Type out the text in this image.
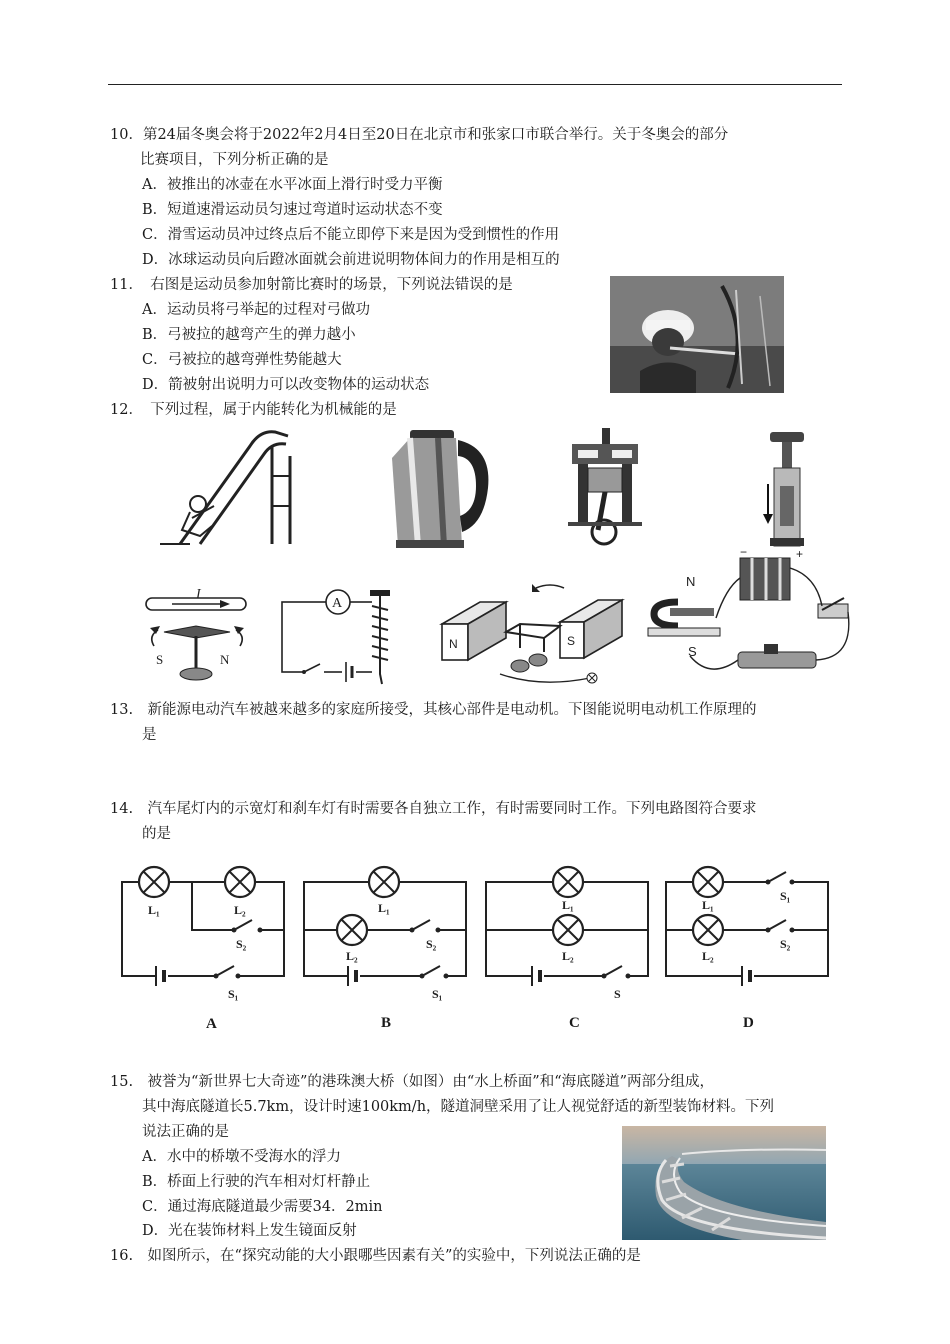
10．第24届冬奥会将于2022年2月4日至20日在北京市和张家口市联合举行。关于冬奥会的部分
比赛项目，下列分析正确的是
A．被推出的冰壶在水平冰面上滑行时受力平衡
B．短道速滑运动员匀速过弯道时运动状态不变
C．滑雪运动员冲过终点后不能立即停下来是因为受到惯性的作用
D．冰球运动员向后蹬冰面就会前进说明物体间力的作用是相互的
11．　右图是运动员参加射箭比赛时的场景，下列说法错误的是
A．运动员将弓举起的过程对弓做功
B．弓被拉的越弯产生的弹力越小
C．弓被拉的越弯弹性势能越大
D．箭被射出说明力可以改变物体的运动状态
12．　下列过程，属于内能转化为机械能的是
I
S	N
A
N	S
N
S
−	+
13.　新能源电动汽车被越来越多的家庭所接受，其核心部件是电动机。下图能说明电动机工作原理的
是
14.　汽车尾灯内的示宽灯和刹车灯有时需要各自独立工作，有时需要同时工作。下列电路图符合要求
的是
L₁	L₂
S₂
S₁
L₁
L₂
S₂
S₁
L₁
L₂
S
L₁
L₂
S₁
S₂
A	B	C	D
15.　被誉为“新世界七大奇迹”的港珠澳大桥（如图）由“水上桥面”和“海底隧道”两部分组成，
其中海底隧道长5.7km，设计时速100km/h，隧道洞壁采用了让人视觉舒适的新型装饰材料。下列
说法正确的是
A．水中的桥墩不受海水的浮力
B．桥面上行驶的汽车相对灯杆静止
C．通过海底隧道最少需要34．2min
D．光在装饰材料上发生镜面反射
16.　如图所示，在“探究动能的大小跟哪些因素有关”的实验中，下列说法正确的是
